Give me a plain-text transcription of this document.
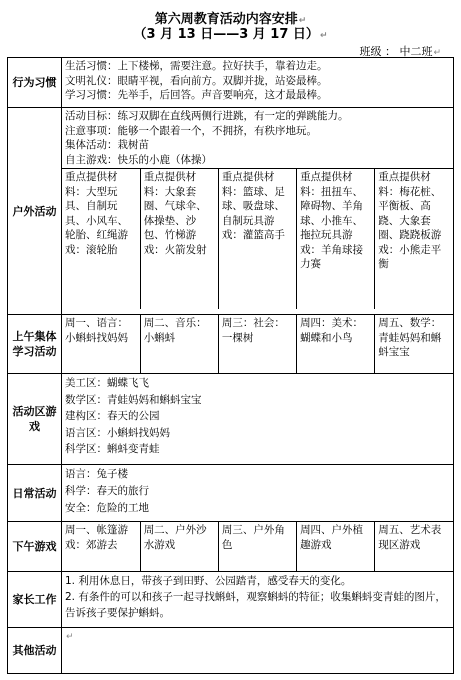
第六周教育活动内容安排↵
（3 月 13 日——3 月 17 日）↵
班级 ： 中二班↵
行为习惯	
生活习惯：上下楼梯，需要注意。拉好扶手，靠着边走。
文明礼仪：眼睛平视，看向前方。双脚并拢，站姿最棒。
学习习惯：先举手，后回答。声音要响亮，这才最最棒。

户外活动	
活动目标：练习双脚在直线两侧行进跳，有一定的弹跳能力。
注意事项：能够一个跟着一个，不拥挤，有秩序地玩。
集体活动：栽树苗
自主游戏：快乐的小鹿（体操）
重点提供材料：大型玩具、自制玩具、小风车、轮胎、红绳游戏：滚轮胎	重点提供材料：大象套圈、气球伞、体操垫、沙包、竹梯游戏：火箭发射	重点提供材料：篮球、足球、吸盘球、自制玩具游戏：灌篮高手	重点提供材料：扭扭车、障碍物、羊角球、小推车、拖拉玩具游戏：羊角球接力赛	重点提供材料：梅花桩、平衡板、高跷、大象套圈、跷跷板游戏：小熊走平衡

上午集体学习活动	
周一、语言：小蝌蚪找妈妈	周二、音乐：小蝌蚪	周三：社会：一棵树	周四：美术：蝴蝶和小鸟	周五、数学：青蛙妈妈和蝌蚪宝宝

活动区游戏	
美工区：蝴蝶飞飞
数学区：青蛙妈妈和蝌蚪宝宝
建构区：春天的公园
语言区：小蝌蚪找妈妈
科学区：蝌蚪变青蛙

日常活动	
语言：兔子楼
科学：春天的旅行
安全：危险的工地

下午游戏	
周一、帐篷游戏：郊游去	周二、户外沙水游戏	周三、户外角色	周四、户外植趣游戏	周五、艺术表现区游戏

家长工作	
1. 利用休息日，带孩子到田野、公园踏青，感受春天的变化。
2. 有条件的可以和孩子一起寻找蝌蚪，观察蝌蚪的特征；收集蝌蚪变青蛙的图片，告诉孩子要保护蝌蚪。

其他活动	↵
